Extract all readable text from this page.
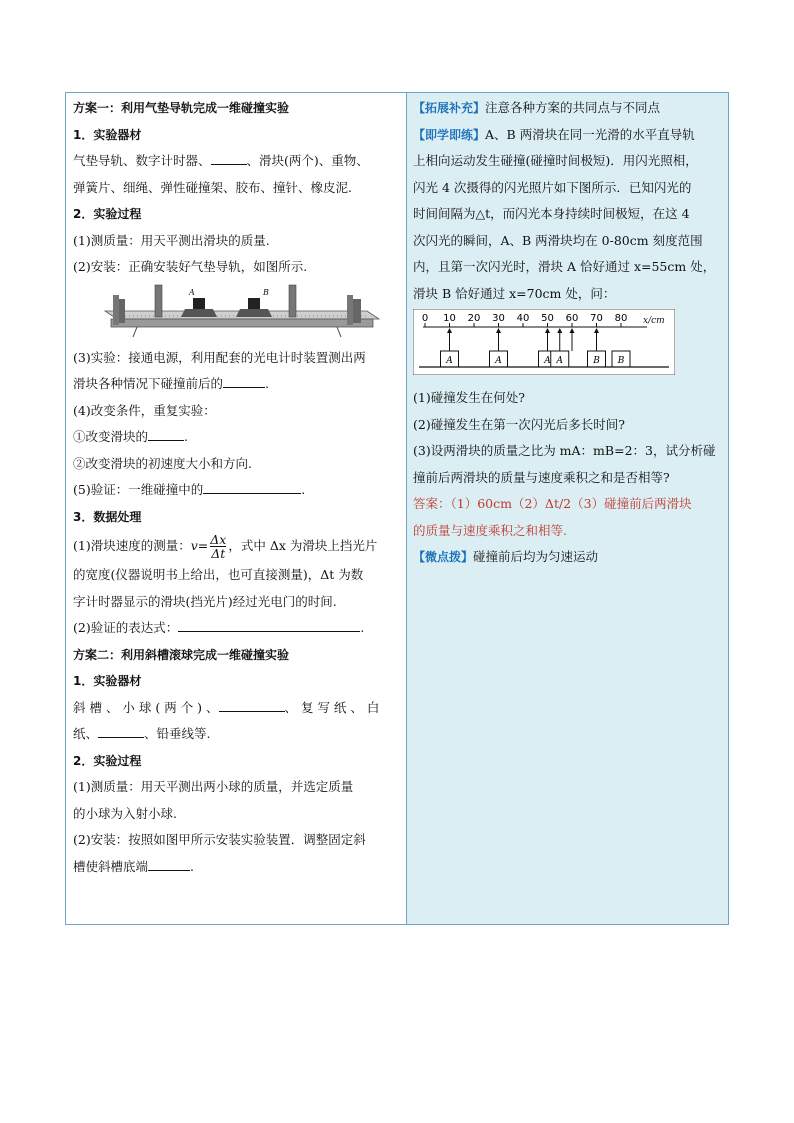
方案一：利用气垫导轨完成一维碰撞实验
1．实验器材
气垫导轨、数字计时器、	、滑块(两个)、重物、
弹簧片、细绳、弹性碰撞架、胶布、撞针、橡皮泥.
2．实验过程
(1)测质量：用天平测出滑块的质量.
(2)安装：正确安装好气垫导轨，如图所示.
A	B
(3)实验：接通电源，利用配套的光电计时装置测出两
滑块各种情况下碰撞前后的	.
(4)改变条件，重复实验：
①改变滑块的	.
②改变滑块的初速度大小和方向.
(5)验证：一维碰撞中的	.
3．数据处理
(1)滑块速度的测量：$v= \frac{\Delta x}{\Delta t}$ ，式中 Δx 为滑块上挡光片
的宽度(仪器说明书上给出，也可直接测量)，Δt 为数
字计时器显示的滑块(挡光片)经过光电门的时间.
(2)验证的表达式：	.
方案二：利用斜槽滚球完成一维碰撞实验
1．实验器材
斜 槽 、 小 球 ( 两 个 ) 、	、 复 写 纸 、 白
纸、	、铅垂线等.
2．实验过程
(1)测质量：用天平测出两小球的质量，并选定质量
的小球为入射小球.
(2)安装：按照如图甲所示安装实验装置．调整固定斜
槽使斜槽底端	.
【拓展补充】注意各种方案的共同点与不同点
【即学即练】A、B 两滑块在同一光滑的水平直导轨
上相向运动发生碰撞(碰撞时间极短)．用闪光照相，
闪光 4 次摄得的闪光照片如下图所示．已知闪光的
时间间隔为△t，而闪光本身持续时间极短，在这 4
次闪光的瞬间，A、B 两滑块均在 0-80cm 刻度范围
内，且第一次闪光时，滑块 A 恰好通过 x=55cm 处，
滑块 B 恰好通过 x=70cm 处，问：
0 10 20 30 40 50 60 70 80 x/cm
A	A	A A	B B
(1)碰撞发生在何处?
(2)碰撞发生在第一次闪光后多长时间?
(3)设两滑块的质量之比为 mA：mB=2：3，试分析碰
撞前后两滑块的质量与速度乘积之和是否相等?
答案：（1）60cm（2）Δt/2（3）碰撞前后两滑块
的质量与速度乘积之和相等.
【微点拨】碰撞前后均为匀速运动
